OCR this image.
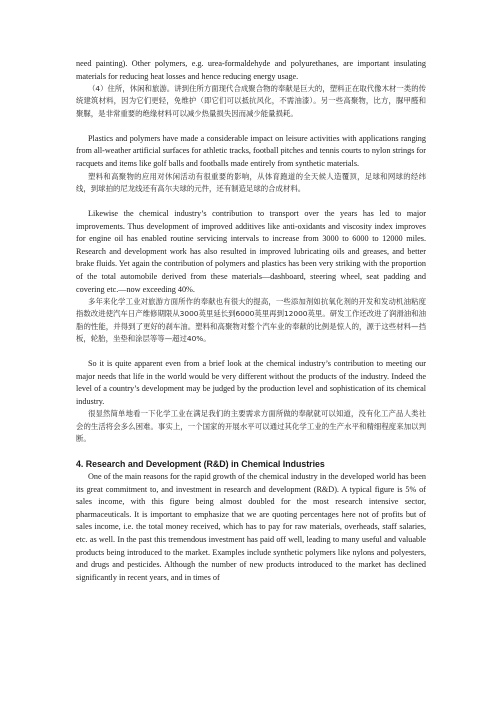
need painting). Other polymers, e.g. urea-formaldehyde and polyurethanes, are important insulating materials for reducing heat losses and hence reducing energy usage.

（4）住所，休闲和旅游。讲到住所方面现代合成聚合物的奉献是巨大的，塑料正在取代像木材一类的传统建筑材料，因为它们更轻，免维护（即它们可以抵抗风化，不需油漆）。另一些高聚物，比方，脲甲醛和聚脲，是非常重要的绝缘材料可以减少热量损失因而减少能量损耗。

Plastics and polymers have made a considerable impact on leisure activities with applications ranging from all-weather artificial surfaces for athletic tracks, football pitches and tennis courts to nylon strings for racquets and items like golf balls and footballs made entirely from synthetic materials.

塑料和高聚物的应用对休闲活动有很重要的影响，从体育跑道的全天候人造覆顶，足球和网球的经纬线，到球拍的尼龙线还有高尔夫球的元件，还有制造足球的合成材料。

Likewise the chemical industry’s contribution to transport over the years has led to major improvements. Thus development of improved additives like anti-oxidants and viscosity index improves for engine oil has enabled routine servicing intervals to increase from 3000 to 6000 to 12000 miles. Research and development work has also resulted in improved lubricating oils and greases, and better brake fluids. Yet again the contribution of polymers and plastics has been very striking with the proportion of the total automobile derived from these materials—dashboard, steering wheel, seat padding and covering etc.—now exceeding 40%.

多年来化学工业对旅游方面所作的奉献也有很大的提高，一些添加剂如抗氧化剂的开发和发动机油粘度指数改进使汽车日产维修期限从3000英里延长到6000英里再到12000英里。研发工作还改进了润滑油和油脂的性能，并得到了更好的刹车油。塑料和高聚物对整个汽车业的奉献的比例是惊人的，源于这些材料—挡板，轮胎，坐垫和涂层等等—超过40%。

So it is quite apparent even from a brief look at the chemical industry’s contribution to meeting our major needs that life in the world would be very different without the products of the industry. Indeed the level of a country’s development may be judged by the production level and sophistication of its chemical industry.

很显然简单地看一下化学工业在满足我们的主要需求方面所做的奉献就可以知道，没有化工产品人类社会的生活将会多么困难。事实上，一个国家的开展水平可以通过其化学工业的生产水平和精细程度来加以判断。

4. Research and Development (R&D) in Chemical Industries

One of the main reasons for the rapid growth of the chemical industry in the developed world has been its great commitment to, and investment in research and development (R&D). A typical figure is 5% of sales income, with this figure being almost doubled for the most research intensive sector, pharmaceuticals. It is important to emphasize that we are quoting percentages here not of profits but of sales income, i.e. the total money received, which has to pay for raw materials, overheads, staff salaries, etc. as well. In the past this tremendous investment has paid off well, leading to many useful and valuable products being introduced to the market. Examples include synthetic polymers like nylons and polyesters, and drugs and pesticides. Although the number of new products introduced to the market has declined significantly in recent years, and in times of
